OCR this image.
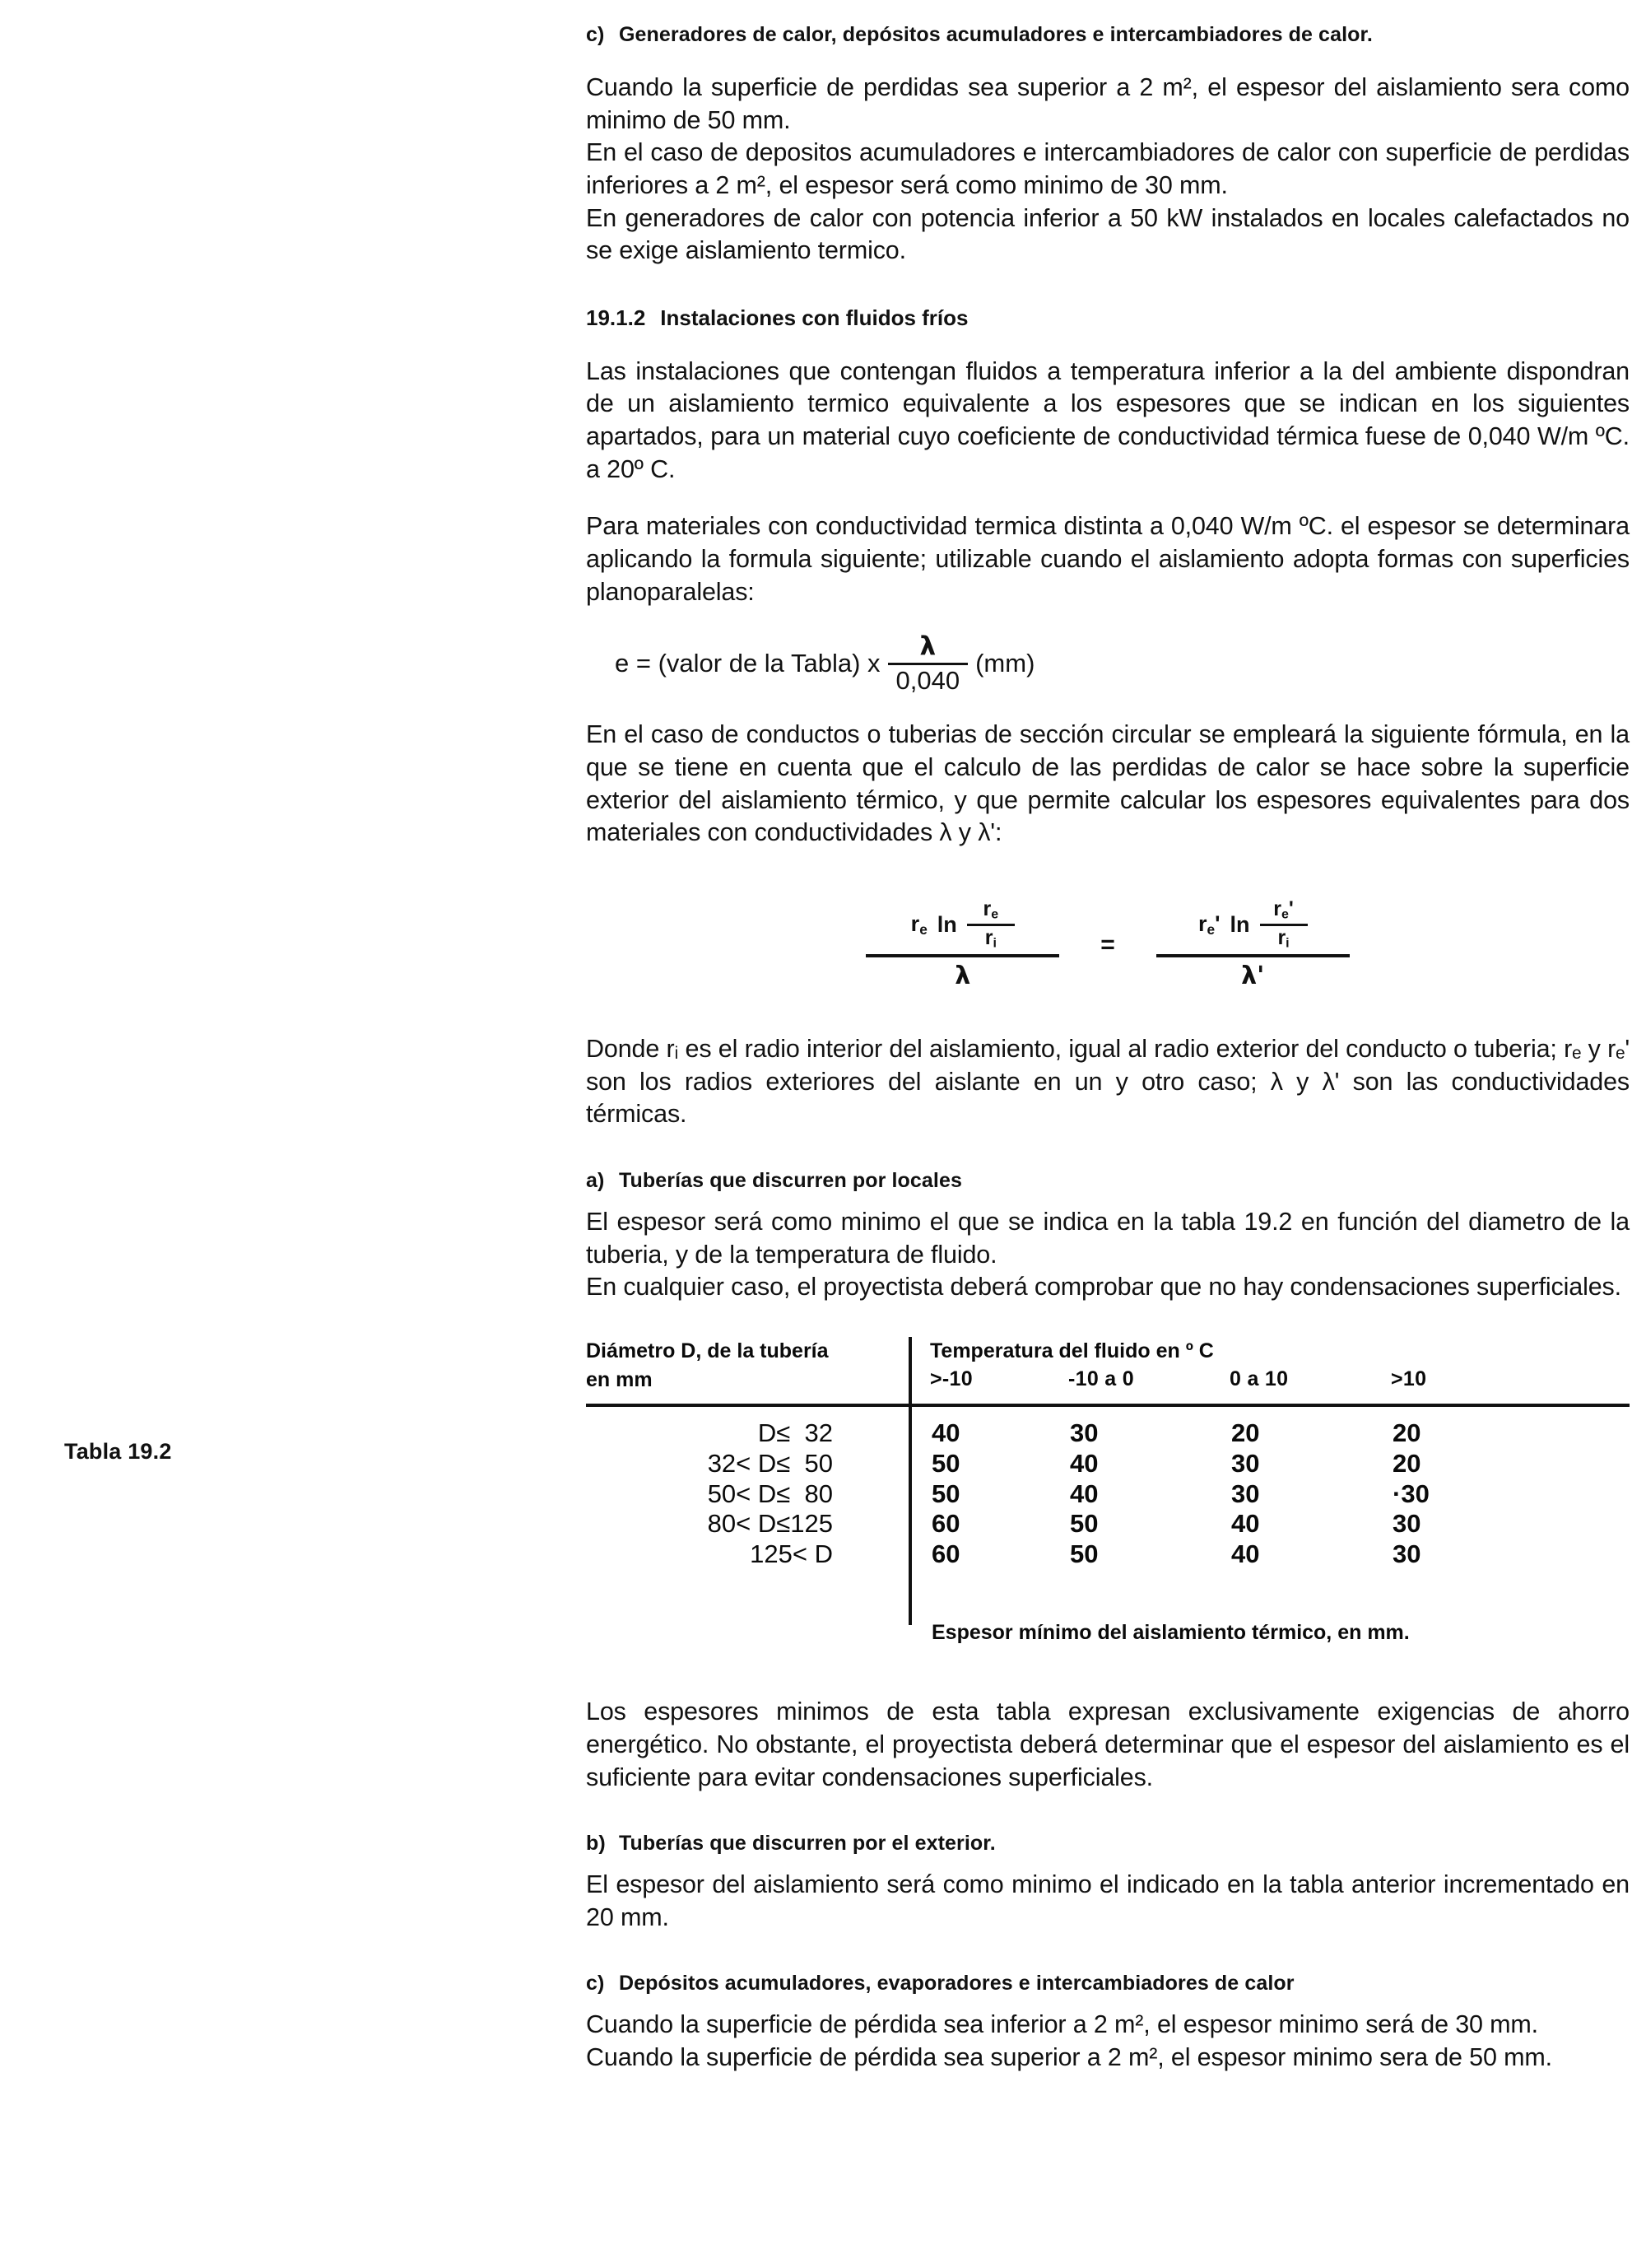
Tabla 19.2
c) Generadores de calor, depósitos acumuladores e intercambiadores de calor.

Cuando la superficie de perdidas sea superior a 2 m², el espesor del aislamiento sera como minimo de 50 mm.

En el caso de depositos acumuladores e intercambiadores de calor con superficie de perdidas inferiores a 2 m², el espesor será como minimo de 30 mm.

En generadores de calor con potencia inferior a 50 kW instalados en locales calefactados no se exige aislamiento termico.

19.1.2 Instalaciones con fluidos fríos

Las instalaciones que contengan fluidos a temperatura inferior a la del ambiente dispondran de un aislamiento termico equivalente a los espesores que se indican en los siguientes apartados, para un material cuyo coeficiente de conductividad térmica fuese de 0,040 W/m ºC. a 20º C.

Para materiales con conductividad termica distinta a 0,040 W/m ºC. el espesor se determinara aplicando la formula siguiente; utilizable cuando el aislamiento adopta formas con superficies planoparalelas:

e = (valor de la Tabla) x $\frac{\lambda}{0,040} (mm)$

En el caso de conductos o tuberias de sección circular se empleará la siguiente fórmula, en la que se tiene en cuenta que el calculo de las perdidas de calor se hace sobre la superficie exterior del aislamiento térmico, y que permite calcular los espesores equivalentes para dos materiales con conductividades λ y λ':

$r_e$ ln
$r_e$
$r_i$
λ
=
$r_e'$ ln
$r_e'$
$r_i$
λ'

Donde rᵢ es el radio interior del aislamiento, igual al radio exterior del conducto o tuberia; rₑ y rₑ' son los radios exteriores del aislante en un y otro caso; λ y λ' son las conductividades térmicas.

a) Tuberías que discurren por locales

El espesor será como minimo el que se indica en la tabla 19.2 en función del diametro de la tuberia, y de la temperatura de fluido.

En cualquier caso, el proyectista deberá comprobar que no hay condensaciones superficiales.

Diámetro D, de la tubería
en mm
Temperatura del fluido en º C
>-10	-10 a 0	0 a 10	>10
D≤  32	40	30	20	20
32< D≤  50	50	40	30	20
50< D≤  80	50	40	30	·30
80< D≤125	60	50	40	30
125< D	60	50	40	30
Espesor mínimo del aislamiento térmico, en mm.

Los espesores minimos de esta tabla expresan exclusivamente exigencias de ahorro energético. No obstante, el proyectista deberá determinar que el espesor del aislamiento es el suficiente para evitar condensaciones superficiales.

b) Tuberías que discurren por el exterior.

El espesor del aislamiento será como minimo el indicado en la tabla anterior incrementado en 20 mm.

c) Depósitos acumuladores, evaporadores e intercambiadores de calor

Cuando la superficie de pérdida sea inferior a 2 m², el espesor minimo será de 30 mm.

Cuando la superficie de pérdida sea superior a 2 m², el espesor minimo sera de 50 mm.
